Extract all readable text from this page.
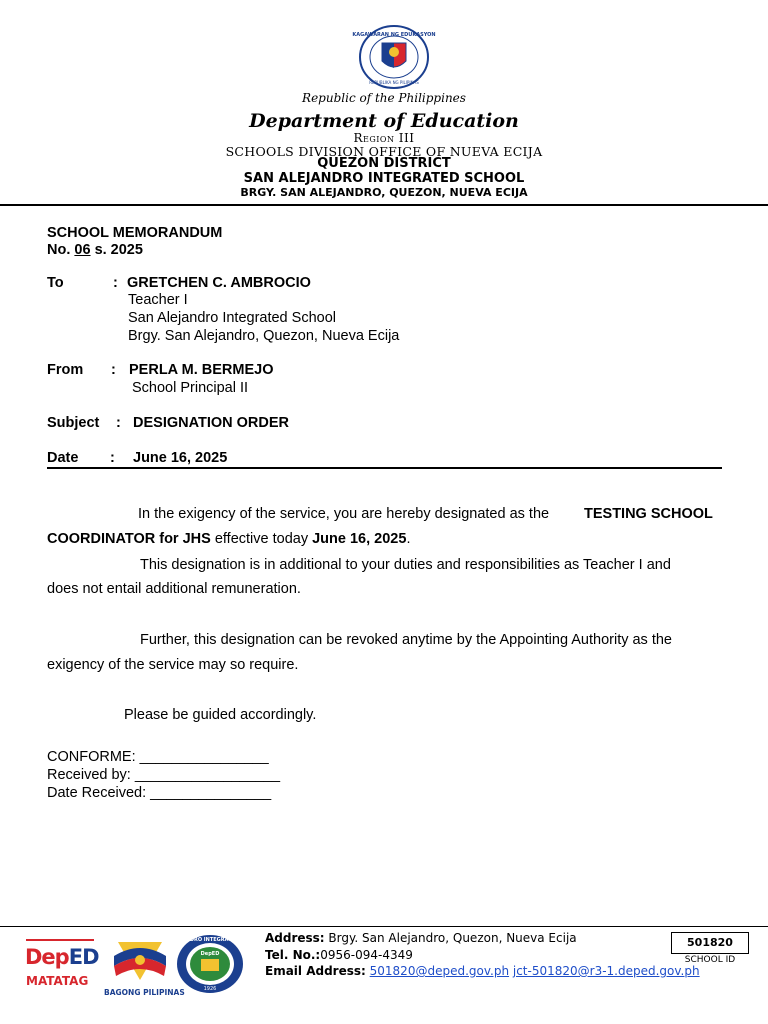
KAGAWARAN NG EDUKASYON
REPUBLIKA NG PILIPINAS
Republic of the Philippines
Department of Education
Region III
SCHOOLS DIVISION OFFICE OF NUEVA ECIJA
QUEZON DISTRICT
SAN ALEJANDRO INTEGRATED SCHOOL
BRGY. SAN ALEJANDRO, QUEZON, NUEVA ECIJA
SCHOOL MEMORANDUM
No. 06 s. 2025
To	: GRETCHEN C. AMBROCIO
Teacher I
San Alejandro Integrated School
Brgy. San Alejandro, Quezon, Nueva Ecija
From : PERLA M. BERMEJO
School Principal II
Subject : DESIGNATION ORDER
Date : June 16, 2025
In the exigency of the service, you are hereby designated as the TESTING SCHOOL
COORDINATOR for JHS effective today June 16, 2025.
This designation is in additional to your duties and responsibilities as Teacher I and
does not entail additional remuneration.
Further, this designation can be revoked anytime by the Appointing Authority as the
exigency of the service may so require.
Please be guided accordingly.
CONFORME: ________________
Received by: __________________
Date Received: _______________
DepED
MATATAG
BAGONG PILIPINAS
SAN ALEJANDRO INTEGRATED SCHOOL
DepED
1926
Address: Brgy. San Alejandro, Quezon, Nueva Ecija
Tel. No.:0956-094-4349
Email Address: 501820@deped.gov.ph jct-501820@r3-1.deped.gov.ph
501820
SCHOOL ID
